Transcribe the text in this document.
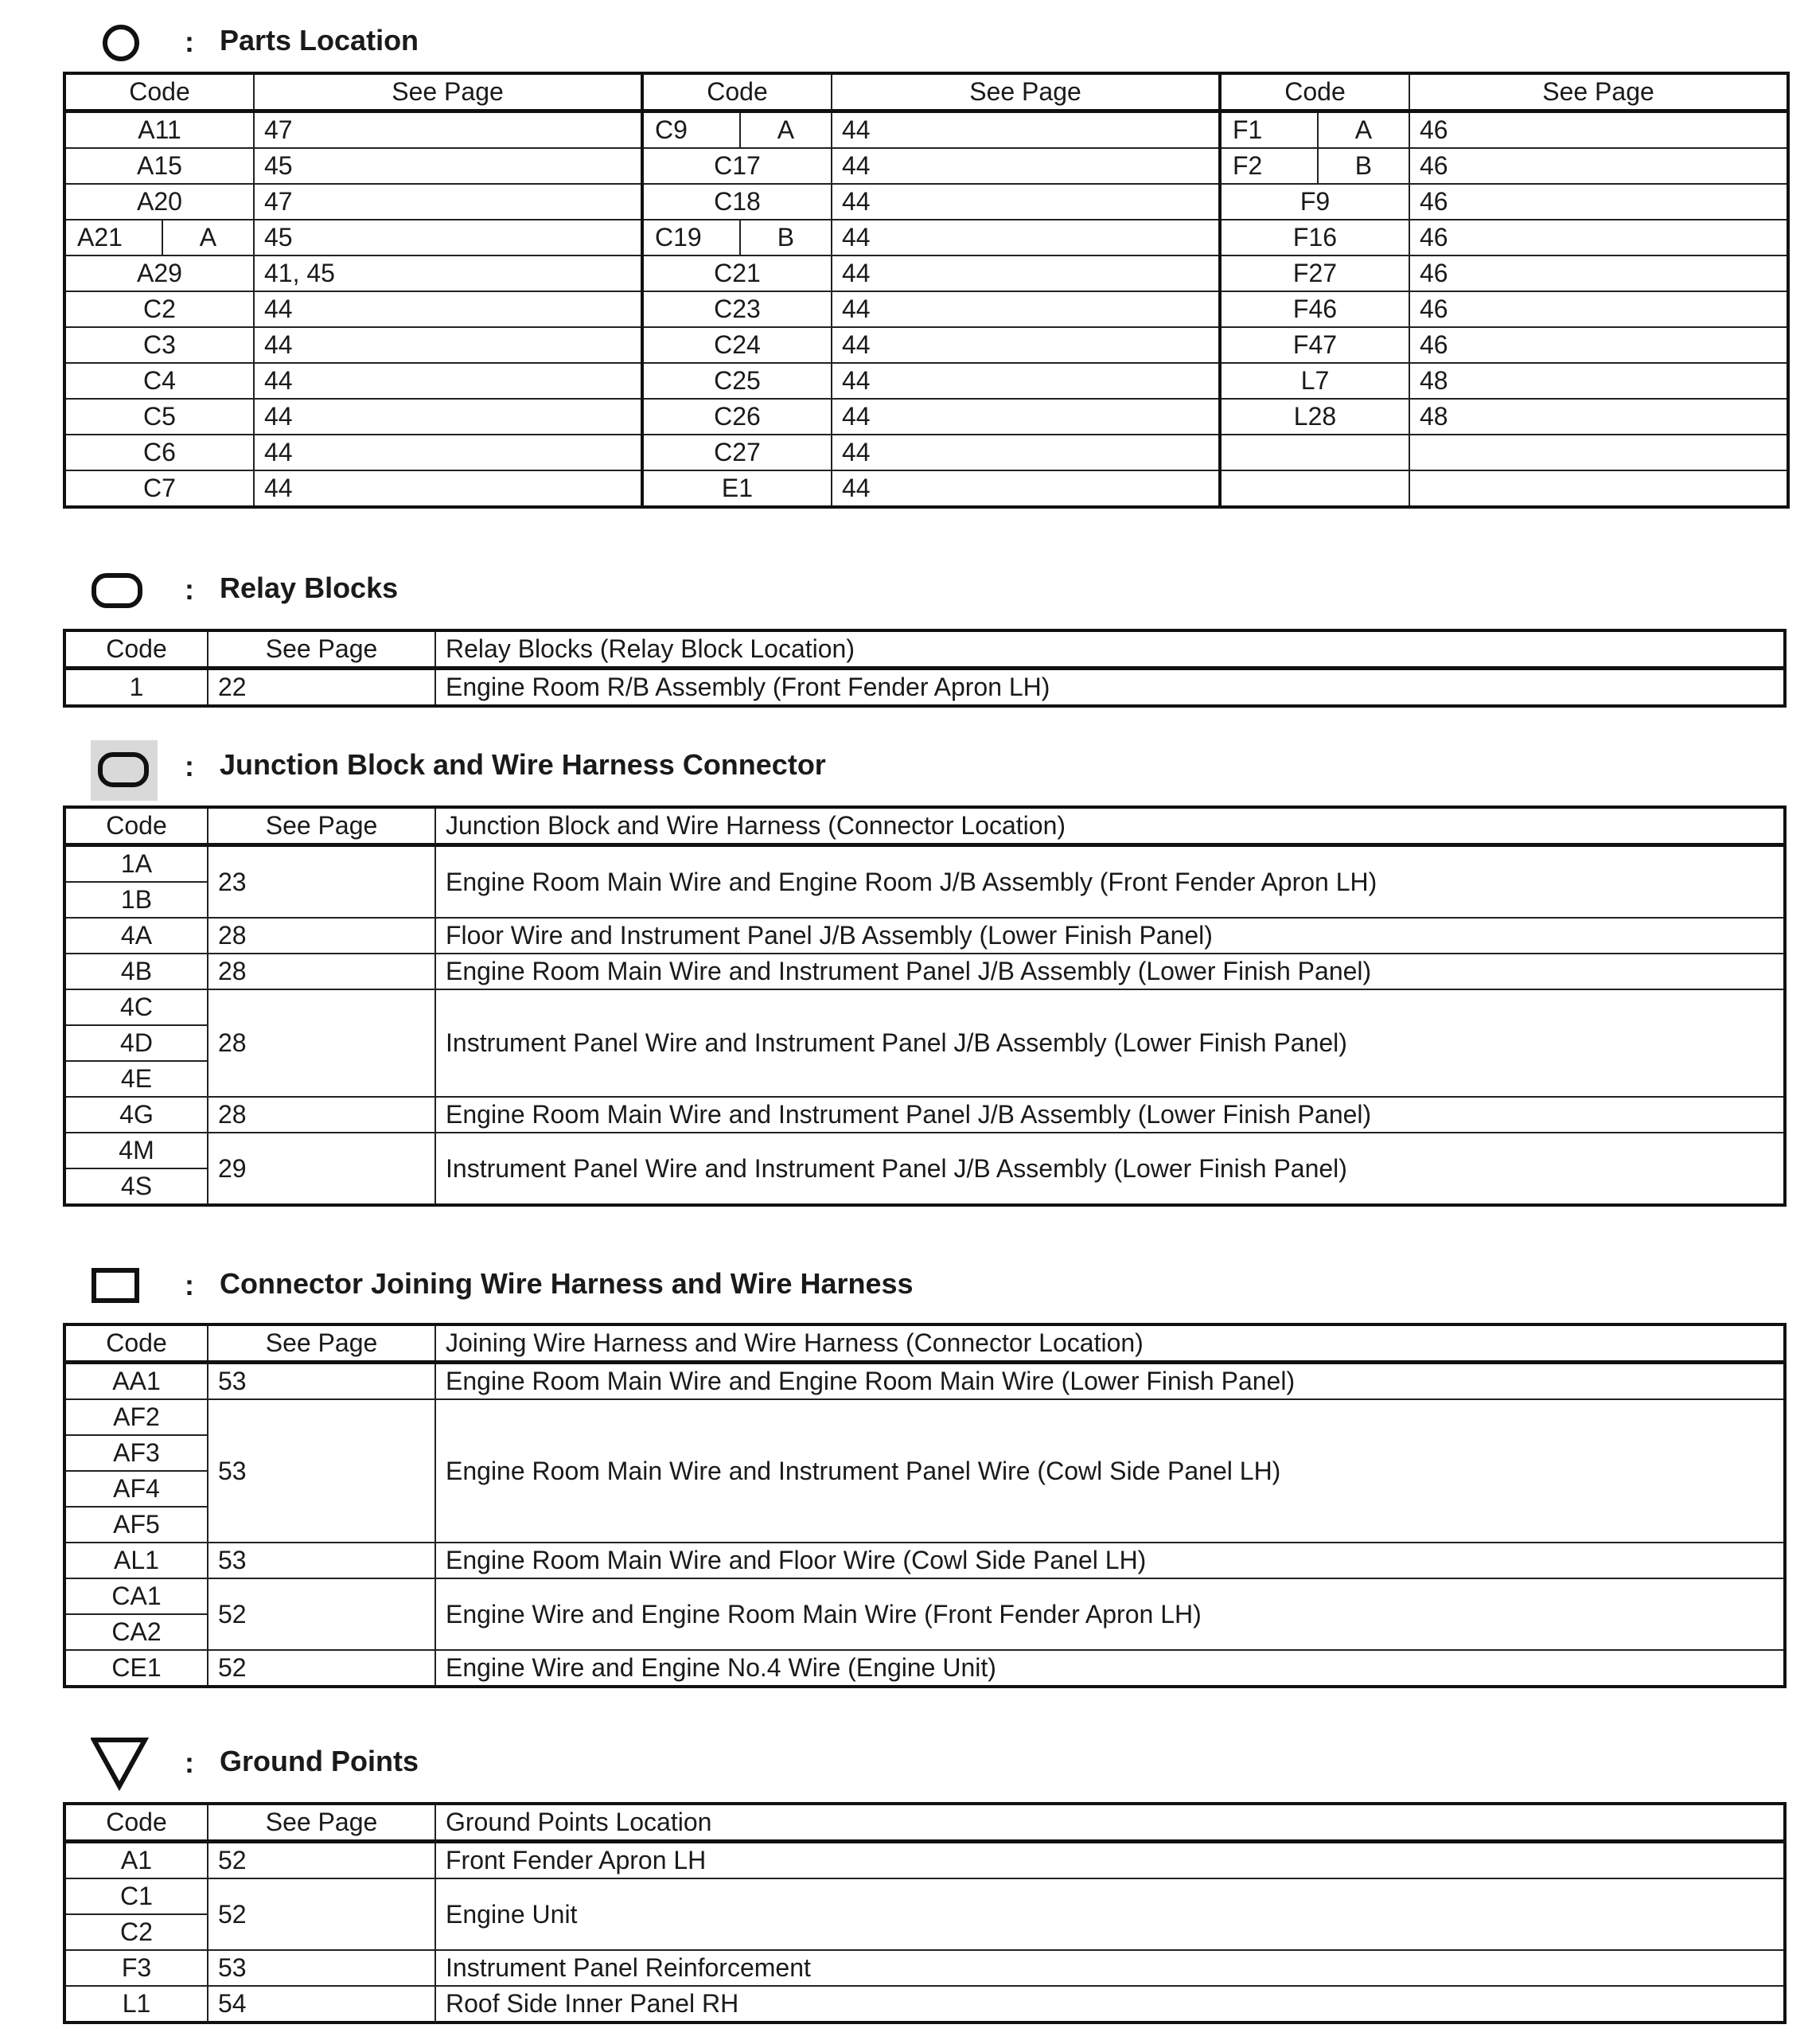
: Parts Location
Code	See Page	Code	See Page	Code	See Page
A11	47	C9 A	44	F1 A	46
A15	45	C17	44	F2 B	46
A20	47	C18	44	F9	46

A21 A	45	C19 B	44	F16	46
A29	41, 45	C21	44	F27	46
C2	44	C23	44	F46	46
C3	44	C24	44	F47	46
C4	44	C25	44	L7	48
C5	44	C26	44	L28	48
C6	44	C27	44		
C7	44	E1	44		
: Relay Blocks
Code	See Page	Relay Blocks (Relay Block Location)
1	22	Engine Room R/B Assembly (Front Fender Apron LH)
: Junction Block and Wire Harness Connector
Code	See Page	Junction Block and Wire Harness (Connector Location)
1A	23	Engine Room Main Wire and Engine Room J/B Assembly (Front Fender Apron LH)
1B		
4A	28	Floor Wire and Instrument Panel J/B Assembly (Lower Finish Panel)
4B	28	Engine Room Main Wire and Instrument Panel J/B Assembly (Lower Finish Panel)
4C	28	Instrument Panel Wire and Instrument Panel J/B Assembly (Lower Finish Panel)
4D		
4E		
4G	28	Engine Room Main Wire and Instrument Panel J/B Assembly (Lower Finish Panel)
4M	29	Instrument Panel Wire and Instrument Panel J/B Assembly (Lower Finish Panel)
4S		
: Connector Joining Wire Harness and Wire Harness
Code	See Page	Joining Wire Harness and Wire Harness (Connector Location)
AA1	53	Engine Room Main Wire and Engine Room Main Wire (Lower Finish Panel)
AF2	53	Engine Room Main Wire and Instrument Panel Wire (Cowl Side Panel LH)
AF3		
AF4		
AF5		
AL1	53	Engine Room Main Wire and Floor Wire (Cowl Side Panel LH)
CA1	52	Engine Wire and Engine Room Main Wire (Front Fender Apron LH)
CA2		
CE1	52	Engine Wire and Engine No.4 Wire (Engine Unit)
: Ground Points
Code	See Page	Ground Points Location
A1	52	Front Fender Apron LH
C1	52	Engine Unit
C2		
F3	53	Instrument Panel Reinforcement
L1	54	Roof Side Inner Panel RH
